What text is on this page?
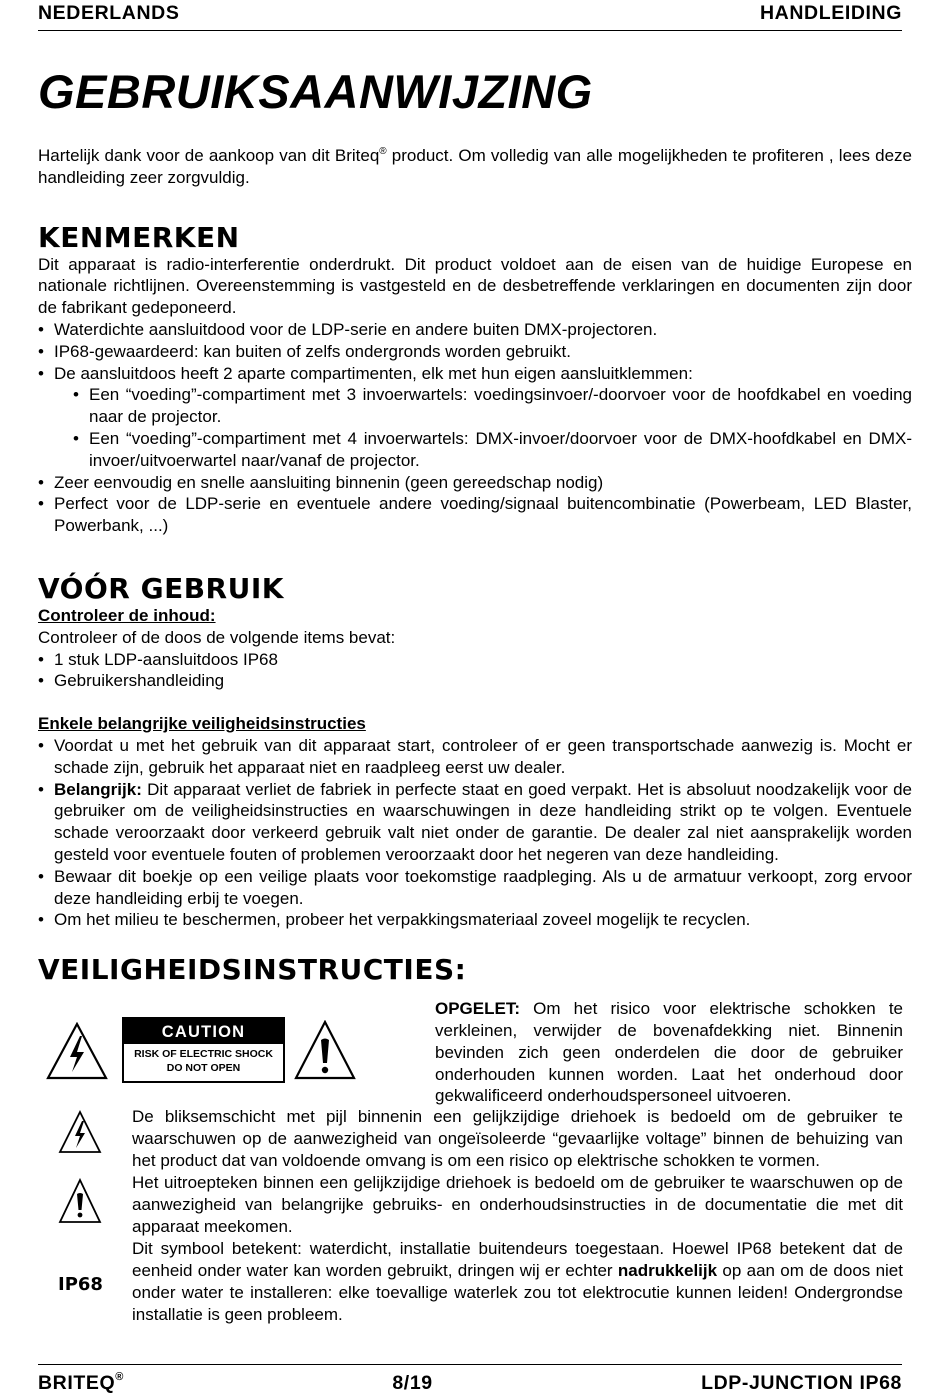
NEDERLANDS	HANDLEIDING
GEBRUIKSAANWIJZING

Hartelijk dank voor de aankoop van dit Briteq® product. Om volledig van alle mogelijkheden te profiteren , lees deze handleiding zeer zorgvuldig.

KENMERKEN

Dit apparaat is radio-interferentie onderdrukt. Dit product voldoet aan de eisen van de huidige Europese en nationale richtlijnen. Overeenstemming is vastgesteld en de desbetreffende verklaringen en documenten zijn door de fabrikant gedeponeerd.

• Waterdichte aansluitdood voor de LDP-serie en andere buiten DMX-projectoren.
• IP68-gewaardeerd: kan buiten of zelfs ondergronds worden gebruikt.
• De aansluitdoos heeft 2 aparte compartimenten, elk met hun eigen aansluitklemmen:
• Een “voeding”-compartiment met 3 invoerwartels: voedingsinvoer/-doorvoer voor de hoofdkabel en voeding naar de projector.
• Een “voeding”-compartiment met 4 invoerwartels: DMX-invoer/doorvoer voor de DMX-hoofdkabel en DMX-invoer/uitvoerwartel naar/vanaf de projector.
• Zeer eenvoudig en snelle aansluiting binnenin (geen gereedschap nodig)
• Perfect voor de LDP-serie en eventuele andere voeding/signaal buitencombinatie (Powerbeam, LED Blaster, Powerbank, ...)
VÓÓR GEBRUIK
Controleer de inhoud:

Controleer of de doos de volgende items bevat:

• 1 stuk LDP-aansluitdoos IP68
• Gebruikershandleiding
Enkele belangrijke veiligheidsinstructies
• Voordat u met het gebruik van dit apparaat start, controleer of er geen transportschade aanwezig is. Mocht er schade zijn, gebruik het apparaat niet en raadpleeg eerst uw dealer.
• Belangrijk: Dit apparaat verliet de fabriek in perfecte staat en goed verpakt. Het is absoluut noodzakelijk voor de gebruiker om de veiligheidsinstructies en waarschuwingen in deze handleiding strikt op te volgen. Eventuele schade veroorzaakt door verkeerd gebruik valt niet onder de garantie. De dealer zal niet aansprakelijk worden gesteld voor eventuele fouten of problemen veroorzaakt door het negeren van deze handleiding.
• Bewaar dit boekje op een veilige plaats voor toekomstige raadpleging. Als u de armatuur verkoopt, zorg ervoor deze handleiding erbij te voegen.
• Om het milieu te beschermen, probeer het verpakkingsmateriaal zoveel mogelijk te recyclen.
VEILIGHEIDSINSTRUCTIES:
CAUTION
RISK OF ELECTRIC SHOCK
DO NOT OPEN

OPGELET: Om het risico voor elektrische schokken te verkleinen, verwijder de bovenafdekking niet. Binnenin bevinden zich geen onderdelen die door de gebruiker onderhouden kunnen worden. Laat het onderhoud door gekwalificeerd onderhoudspersoneel uitvoeren.

De bliksemschicht met pijl binnenin een gelijkzijdige driehoek is bedoeld om de gebruiker te waarschuwen op de aanwezigheid van ongeïsoleerde “gevaarlijke voltage” binnen de behuizing van het product dat van voldoende omvang is om een risico op elektrische schokken te vormen.

Het uitroepteken binnen een gelijkzijdige driehoek is bedoeld om de gebruiker te waarschuwen op de aanwezigheid van belangrijke gebruiks- en onderhoudsinstructies in de documentatie die met dit apparaat meekomen.

IP68

Dit symbool betekent: waterdicht, installatie buitendeurs toegestaan. Hoewel IP68 betekent dat de eenheid onder water kan worden gebruikt, dringen wij er echter nadrukkelijk op aan om de doos niet onder water te installeren: elke toevallige waterlek zou tot elektrocutie kunnen leiden! Ondergrondse installatie is geen probleem.

BRITEQ®	8/19	LDP-JUNCTION IP68
